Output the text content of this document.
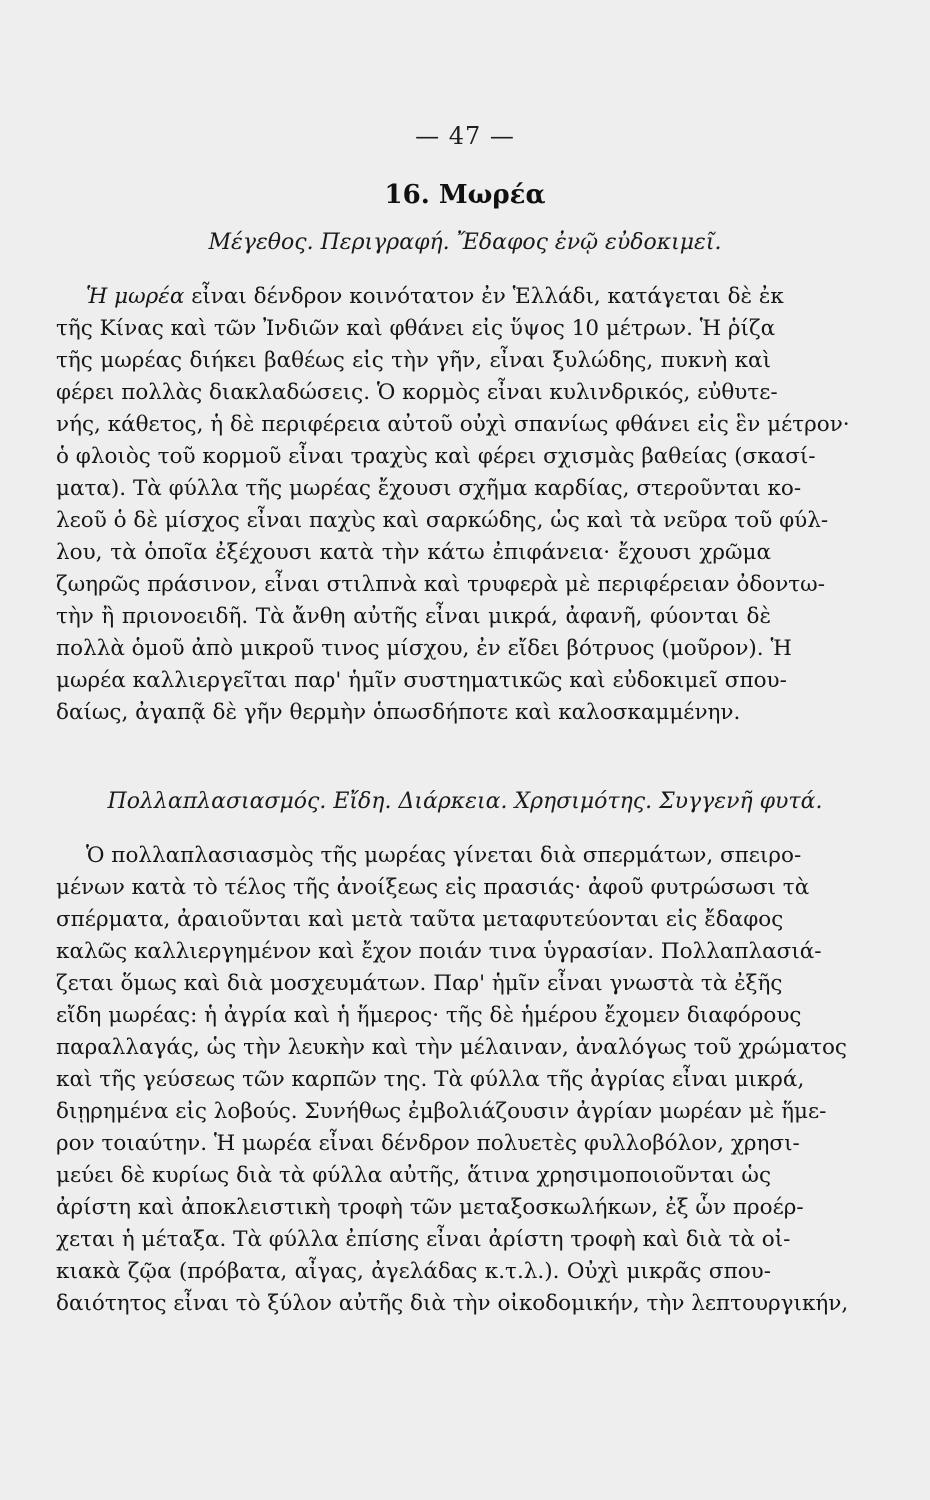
— 47 —
16. Μωρέα
Μέγεθος. Περιγραφή. Ἔδαφος ἐνῷ εὐδοκιμεῖ.
Ἡ μωρέα εἶναι δένδρον κοινότατον ἐν Ἑλλάδι, κατάγεται δὲ ἐκ
τῆς Κίνας καὶ τῶν Ἰνδιῶν καὶ φθάνει εἰς ὕψος 10 μέτρων. Ἡ ῥίζα
τῆς μωρέας διήκει βαθέως εἰς τὴν γῆν, εἶναι ξυλώδης, πυκνὴ καὶ
φέρει πολλὰς διακλαδώσεις. Ὁ κορμὸς εἶναι κυλινδρικός, εὐθυτε-
νής, κάθετος, ἡ δὲ περιφέρεια αὐτοῦ οὐχὶ σπανίως φθάνει εἰς ἓν μέτρον·
ὁ φλοιὸς τοῦ κορμοῦ εἶναι τραχὺς καὶ φέρει σχισμὰς βαθείας (σκασί-
ματα). Τὰ φύλλα τῆς μωρέας ἔχουσι σχῆμα καρδίας, στεροῦνται κο-
λεοῦ ὁ δὲ μίσχος εἶναι παχὺς καὶ σαρκώδης, ὡς καὶ τὰ νεῦρα τοῦ φύλ-
λου, τὰ ὁποῖα ἐξέχουσι κατὰ τὴν κάτω ἐπιφάνεια· ἔχουσι χρῶμα
ζωηρῶς πράσινον, εἶναι στιλπνὰ καὶ τρυφερὰ μὲ περιφέρειαν ὀδοντω-
τὴν ἢ πριονοειδῆ. Τὰ ἄνθη αὐτῆς εἶναι μικρά, ἀφανῆ, φύονται δὲ
πολλὰ ὁμοῦ ἀπὸ μικροῦ τινος μίσχου, ἐν εἴδει βότρυος (μοῦρον). Ἡ
μωρέα καλλιεργεῖται παρ' ἡμῖν συστηματικῶς καὶ εὐδοκιμεῖ σπου-
δαίως, ἀγαπᾷ δὲ γῆν θερμὴν ὁπωσδήποτε καὶ καλοσκαμμένην.
Πολλαπλασιασμός. Εἴδη. Διάρκεια. Χρησιμότης. Συγγενῆ φυτά.
Ὁ πολλαπλασιασμὸς τῆς μωρέας γίνεται διὰ σπερμάτων, σπειρο-
μένων κατὰ τὸ τέλος τῆς ἀνοίξεως εἰς πρασιάς· ἀφοῦ φυτρώσωσι τὰ
σπέρματα, ἀραιοῦνται καὶ μετὰ ταῦτα μεταφυτεύονται εἰς ἔδαφος
καλῶς καλλιεργημένον καὶ ἔχον ποιάν τινα ὑγρασίαν. Πολλαπλασιά-
ζεται ὅμως καὶ διὰ μοσχευμάτων. Παρ' ἡμῖν εἶναι γνωστὰ τὰ ἐξῆς
εἴδη μωρέας: ἡ ἀγρία καὶ ἡ ἥμερος· τῆς δὲ ἡμέρου ἔχομεν διαφόρους
παραλλαγάς, ὡς τὴν λευκὴν καὶ τὴν μέλαιναν, ἀναλόγως τοῦ χρώματος
καὶ τῆς γεύσεως τῶν καρπῶν της. Τὰ φύλλα τῆς ἀγρίας εἶναι μικρά,
διῃρημένα εἰς λοβούς. Συνήθως ἐμβολιάζουσιν ἀγρίαν μωρέαν μὲ ἥμε-
ρον τοιαύτην. Ἡ μωρέα εἶναι δένδρον πολυετὲς φυλλοβόλον, χρησι-
μεύει δὲ κυρίως διὰ τὰ φύλλα αὐτῆς, ἅτινα χρησιμοποιοῦνται ὡς
ἀρίστη καὶ ἀποκλειστικὴ τροφὴ τῶν μεταξοσκωλήκων, ἐξ ὧν προέρ-
χεται ἡ μέταξα. Τὰ φύλλα ἐπίσης εἶναι ἀρίστη τροφὴ καὶ διὰ τὰ οἰ-
κιακὰ ζῷα (πρόβατα, αἶγας, ἀγελάδας κ.τ.λ.). Οὐχὶ μικρᾶς σπου-
δαιότητος εἶναι τὸ ξύλον αὐτῆς διὰ τὴν οἰκοδομικήν, τὴν λεπτουργικήν,
